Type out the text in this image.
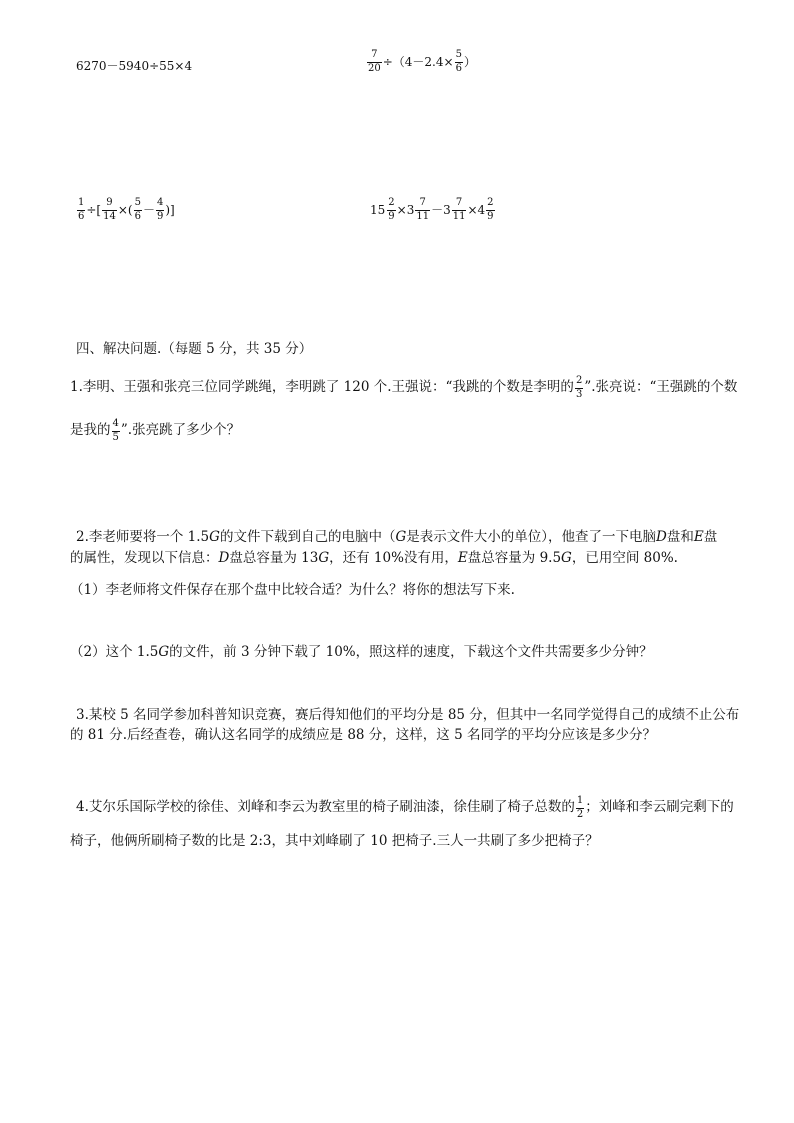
6270－5940÷55×4	$\frac{7}{20} \div(4-2.4\times \frac{5}{6}$ ）
$\frac{1}{6}$ ÷[ $\frac{9}{14}$ ×( $\frac{5}{6} - \frac{4}{9}$ )]	$15 \frac{2}{9} \times 3 \frac{7}{11} -3 \frac{7}{11} \times 4 \frac{2}{9}$
四、解决问题.（每题 5 分，共 35 分）
1.李明、王强和张亮三位同学跳绳，李明跳了 120 个.王强说：“我跳的个数是李明的 $\frac{2}{3}$ ”.张亮说：“王强跳的个数
是我的 $\frac{4}{5}$ ”.张亮跳了多少个？
2.李老师要将一个 1.5G的文件下载到自己的电脑中（G是表示文件大小的单位），他查了一下电脑D盘和E盘
的属性，发现以下信息：D盘总容量为 13G，还有 10%没有用，E盘总容量为 9.5G，已用空间 80%.
（1）李老师将文件保存在那个盘中比较合适？为什么？将你的想法写下来.
（2）这个 1.5G的文件，前 3 分钟下载了 10%，照这样的速度，下载这个文件共需要多少分钟？
3.某校 5 名同学参加科普知识竞赛，赛后得知他们的平均分是 85 分，但其中一名同学觉得自己的成绩不止公布
的 81 分.后经查卷，确认这名同学的成绩应是 88 分，这样，这 5 名同学的平均分应该是多少分？
4.艾尔乐国际学校的徐佳、刘峰和李云为教室里的椅子刷油漆，徐佳刷了椅子总数的 $\frac{1}{2}$ ；刘峰和李云刷完剩下的
椅子，他俩所刷椅子数的比是 2:3，其中刘峰刷了 10 把椅子.三人一共刷了多少把椅子？
